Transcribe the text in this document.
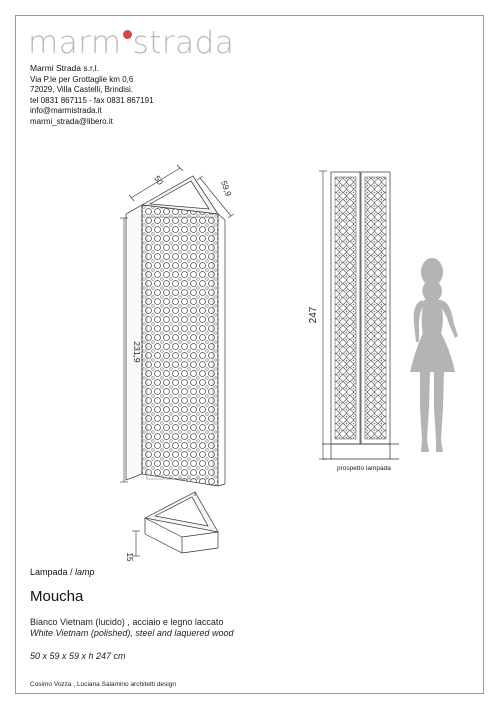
marm strada
Marmi Strada s.r.l.
Via P.le per Grottaglie km 0,6
72029, Villa Castelli, Brindisi.
tel 0831 867115 - fax 0831 867191
info@marmistrada.it
marmi_strada@libero.it
50	59,9
231,9
15
247
prospetto lampada
Lampada / lamp
Moucha
Bianco Vietnam (lucido) , acciaio e legno laccato
White Vietnam (polished), steel and laquered wood
50 x 59 x 59 x h 247 cm
Cosimo Vozza , Luciana Salamino architetti design
